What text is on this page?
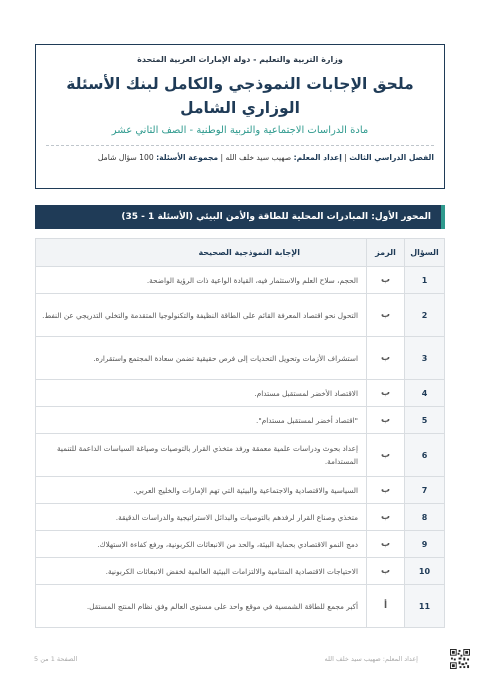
وزارة التربية والتعليم - دولة الإمارات العربية المتحدة
ملحق الإجابات النموذجي والكامل لبنك الأسئلة الوزاري الشامل
مادة الدراسات الاجتماعية والتربية الوطنية - الصف الثاني عشر
الفصل الدراسي الثالث | إعداد المعلم: صهيب سيد خلف الله | مجموعة الأسئلة: 100 سؤال شامل
المحور الأول: المبادرات المحلية للطاقة والأمن البيئي (الأسئلة 1 - 35)
السؤال	الرمز	الإجابة النموذجية الصحيحة
1	ب	الحجم، سلاح العلم والاستثمار فيه، القيادة الواعية ذات الرؤية الواضحة.
2	ب	التحول نحو اقتصاد المعرفة القائم على الطاقة النظيفة والتكنولوجيا المتقدمة والتخلي التدريجي عن النفط.
3	ب	استشراف الأزمات وتحويل التحديات إلى فرص حقيقية تضمن سعادة المجتمع واستقراره.
4	ب	الاقتصاد الأخضر لمستقبل مستدام.
5	ب	"اقتصاد أخضر لمستقبل مستدام".
6	ب	إعداد بحوث ودراسات علمية معمقة ورفد متخذي القرار بالتوصيات وصياغة السياسات الداعمة للتنمية المستدامة.
7	ب	السياسية والاقتصادية والاجتماعية والبيئية التي تهم الإمارات والخليج العربي.
8	ب	متخذي وصناع القرار لرفدهم بالتوصيات والبدائل الاستراتيجية والدراسات الدقيقة.
9	ب	دمج النمو الاقتصادي بحماية البيئة، والحد من الانبعاثات الكربونية، ورفع كفاءة الاستهلاك.
10	ب	الاحتياجات الاقتصادية المتنامية والالتزامات البيئية العالمية لخفض الانبعاثات الكربونية.
11	أ	أكبر مجمع للطاقة الشمسية في موقع واحد على مستوى العالم وفق نظام المنتج المستقل.
الصفحة 1 من 5	إعداد المعلم: صهيب سيد خلف الله
